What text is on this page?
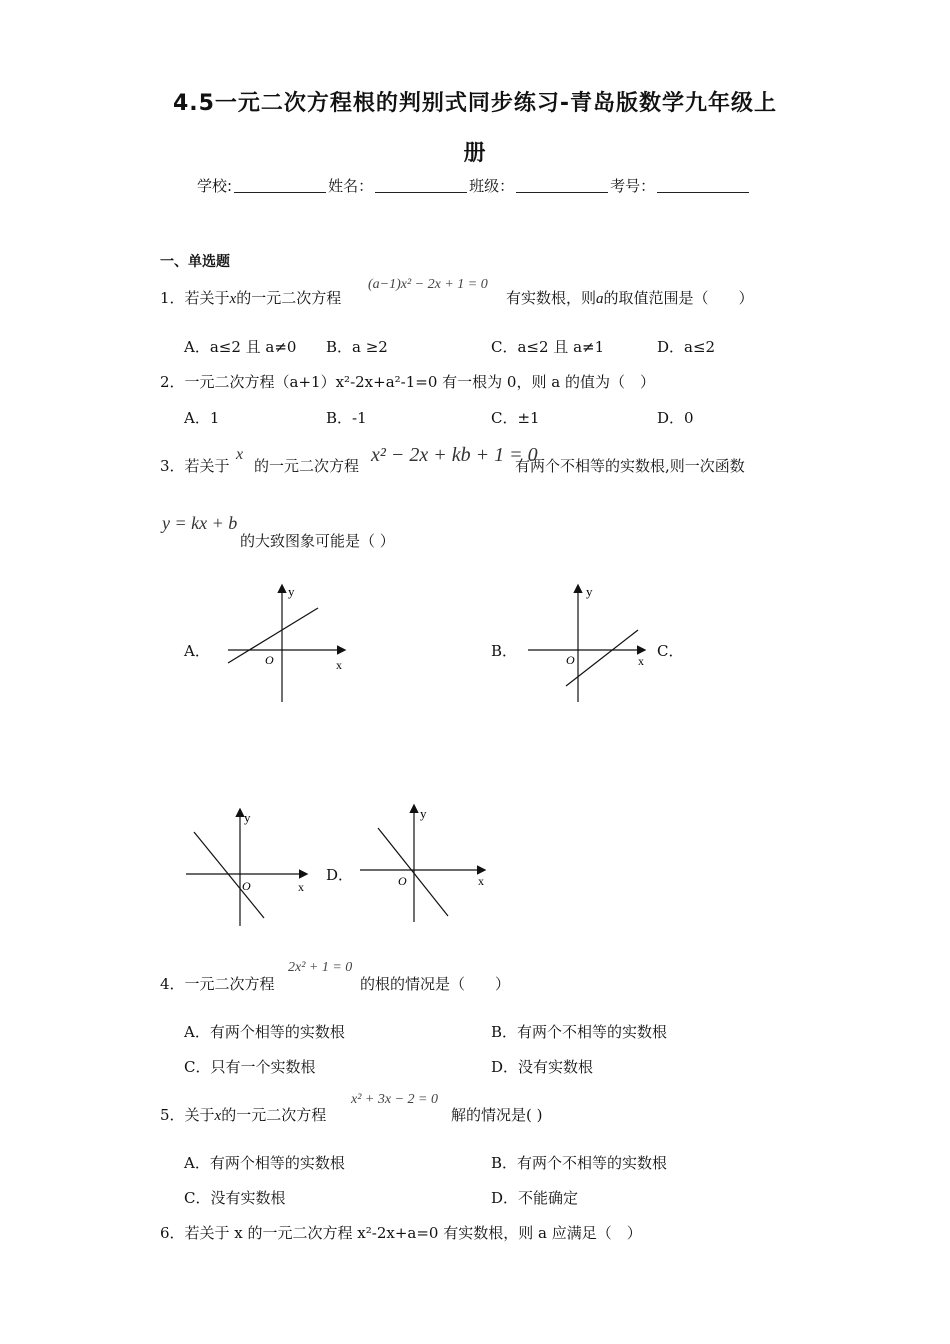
4.5一元二次方程根的判别式同步练习-青岛版数学九年级上
册
学校:	姓名：	班级：	考号：
一、单选题
1．若关于x的一元二次方程
(a−1)x² − 2x + 1 = 0
有实数根，则a的取值范围是（　　）
A．a≤2 且 a≠0 B．a ≥2	C．a≤2 且 a≠1	D．a≤2
2．一元二次方程（a+1）x²-2x+a²-1=0 有一根为 0，则 a 的值为（　）
A．1	B．-1	C．±1	D．0
3．若关于
x
的一元二次方程 x² − 2x + kb + 1 = 0
有两个不相等的实数根,则一次函数
y = kx + b
的大致图象可能是（ ）
A．	B．	C．
D．
y
x
O
y
x
O
y
x
O
y
x
O
4．一元二次方程
2x² + 1 = 0
的根的情况是（　　）
A．有两个相等的实数根	B．有两个不相等的实数根
C．只有一个实数根	D．没有实数根
5．关于x的一元二次方程
x² + 3x − 2 = 0
解的情况是( )
A．有两个相等的实数根	B．有两个不相等的实数根
C．没有实数根	D．不能确定
6．若关于 x 的一元二次方程 x²-2x+a=0 有实数根，则 a 应满足（　）
